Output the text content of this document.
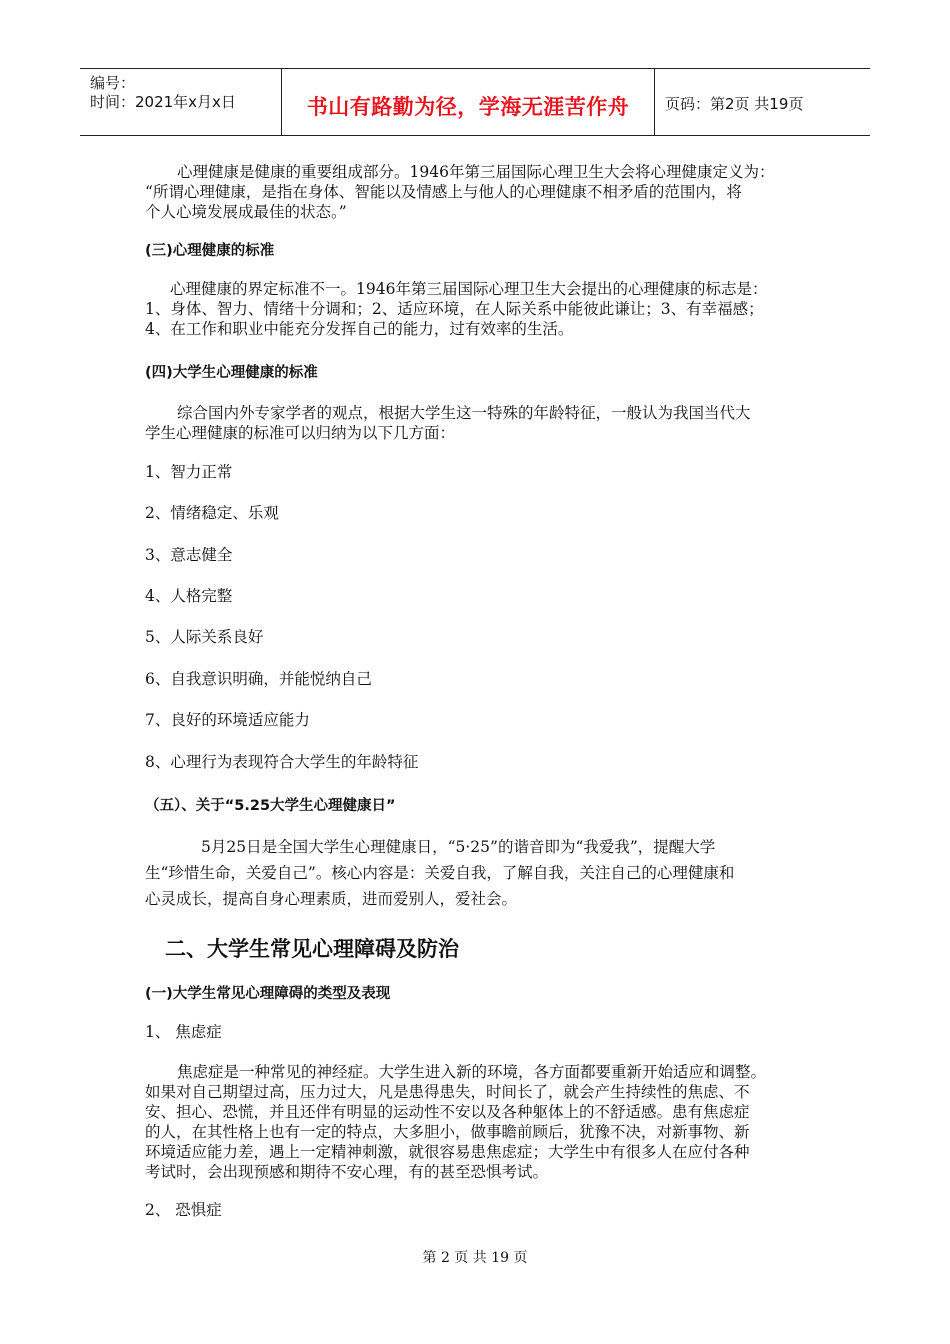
编号：
时间：2021年x月x日	书山有路勤为径，学海无涯苦作舟	页码：第2页 共19页
心理健康是健康的重要组成部分。1946年第三届国际心理卫生大会将心理健康定义为：
“所谓心理健康，是指在身体、智能以及情感上与他人的心理健康不相矛盾的范围内，将
个人心境发展成最佳的状态。”
(三)心理健康的标准
心理健康的界定标准不一。1946年第三届国际心理卫生大会提出的心理健康的标志是：
1、身体、智力、情绪十分调和；2、适应环境，在人际关系中能彼此谦让；3、有幸福感；
4、在工作和职业中能充分发挥自己的能力，过有效率的生活。
(四)大学生心理健康的标准
综合国内外专家学者的观点，根据大学生这一特殊的年龄特征，一般认为我国当代大
学生心理健康的标准可以归纳为以下几方面：
1、智力正常
2、情绪稳定、乐观
3、意志健全
4、人格完整
5、人际关系良好
6、自我意识明确，并能悦纳自己
7、良好的环境适应能力
8、心理行为表现符合大学生的年龄特征
（五）、关于“5.25大学生心理健康日”
5月25日是全国大学生心理健康日，“5·25”的谐音即为“我爱我”，提醒大学
生“珍惜生命，关爱自己”。核心内容是：关爱自我，了解自我，关注自己的心理健康和
心灵成长，提高自身心理素质，进而爱别人，爱社会。
二、大学生常见心理障碍及防治
(一)大学生常见心理障碍的类型及表现
1、 焦虑症
焦虑症是一种常见的神经症。大学生进入新的环境，各方面都要重新开始适应和调整。
如果对自己期望过高，压力过大，凡是患得患失，时间长了，就会产生持续性的焦虑、不
安、担心、恐慌，并且还伴有明显的运动性不安以及各种躯体上的不舒适感。患有焦虑症
的人，在其性格上也有一定的特点，大多胆小，做事瞻前顾后，犹豫不决，对新事物、新
环境适应能力差，遇上一定精神刺激，就很容易患焦虑症；大学生中有很多人在应付各种
考试时，会出现预感和期待不安心理，有的甚至恐惧考试。
2、 恐惧症
第 2 页 共 19 页
